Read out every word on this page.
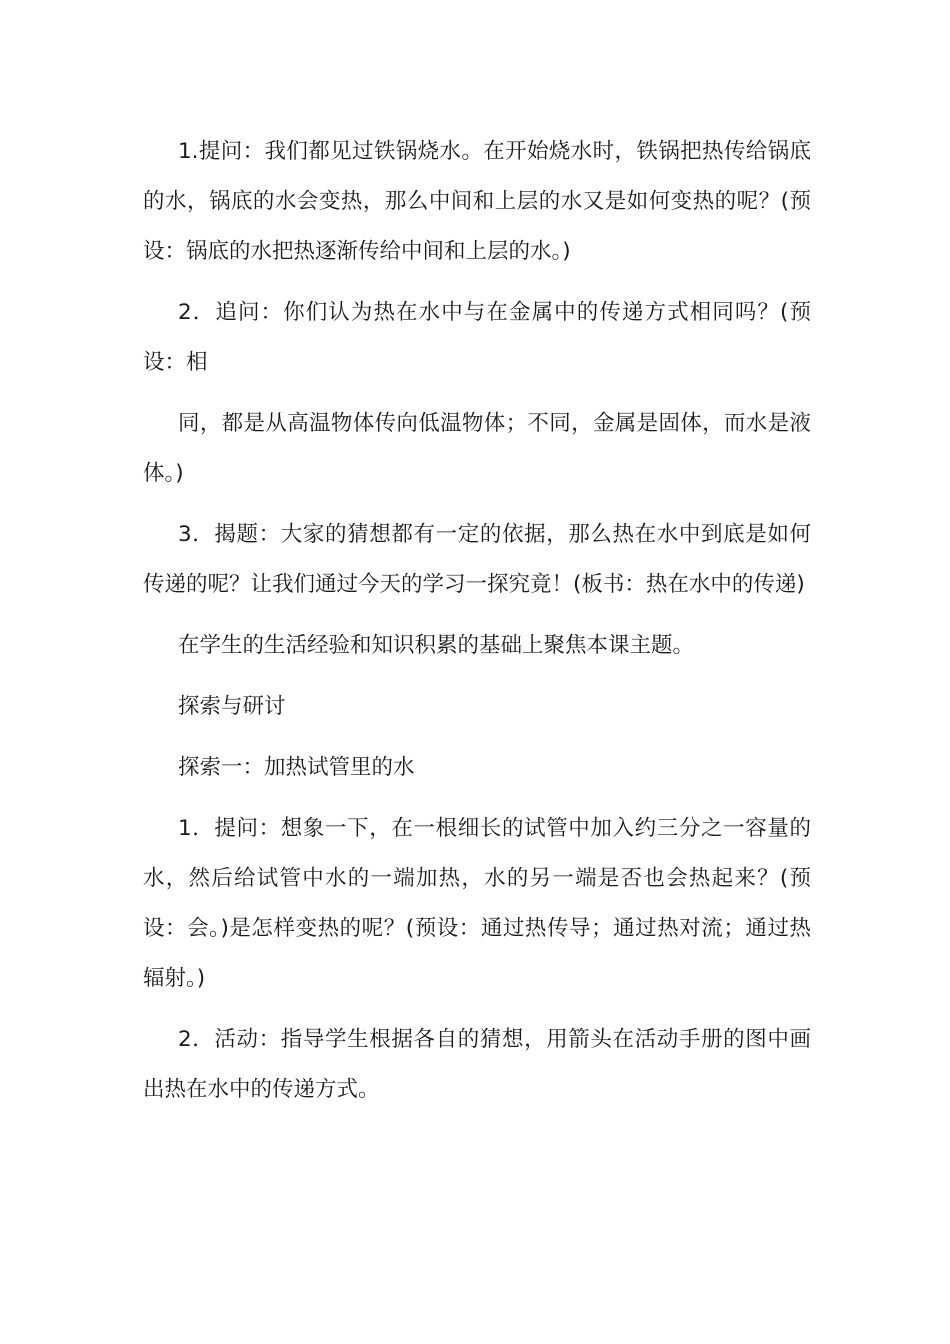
1.提问：我们都见过铁锅烧水。在开始烧水时，铁锅把热传给锅底的水，锅底的水会变热，那么中间和上层的水又是如何变热的呢？(预设：锅底的水把热逐渐传给中间和上层的水。)

2．追问：你们认为热在水中与在金属中的传递方式相同吗？(预设：相

同，都是从高温物体传向低温物体；不同，金属是固体，而水是液体。)

3．揭题：大家的猜想都有一定的依据，那么热在水中到底是如何传递的呢？让我们通过今天的学习一探究竟！(板书：热在水中的传递)

在学生的生活经验和知识积累的基础上聚焦本课主题。

探索与研讨

探索一：加热试管里的水

1．提问：想象一下，在一根细长的试管中加入约三分之一容量的水，然后给试管中水的一端加热，水的另一端是否也会热起来？(预设：会。)是怎样变热的呢？(预设：通过热传导；通过热对流；通过热辐射。)

2．活动：指导学生根据各自的猜想，用箭头在活动手册的图中画出热在水中的传递方式。
